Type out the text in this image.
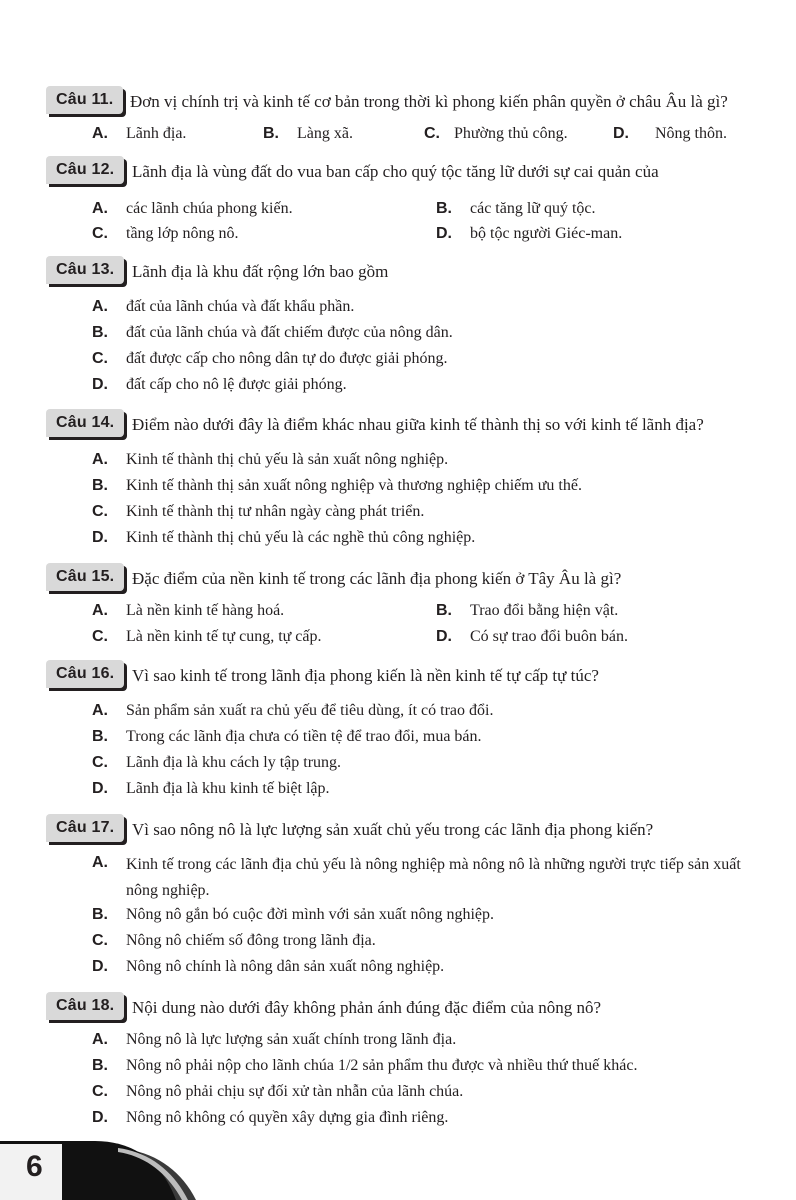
Câu 11. Đơn vị chính trị và kinh tế cơ bản trong thời kì phong kiến phân quyền ở châu Âu là gì?
A. Lãnh địa.	B. Làng xã.	C. Phường thủ công.	D. Nông thôn.
Câu 12.	Lãnh địa là vùng đất do vua ban cấp cho quý tộc tăng lữ dưới sự cai quản của
A. các lãnh chúa phong kiến.	B. các tăng lữ quý tộc.
C. tầng lớp nông nô.	D. bộ tộc người Giéc-man.
Câu 13.	Lãnh địa là khu đất rộng lớn bao gồm
A. đất của lãnh chúa và đất khẩu phần.
B. đất của lãnh chúa và đất chiếm được của nông dân.
C. đất được cấp cho nông dân tự do được giải phóng.
D. đất cấp cho nô lệ được giải phóng.
Câu 14.	Điểm nào dưới đây là điểm khác nhau giữa kinh tế thành thị so với kinh tế lãnh địa?
A. Kinh tế thành thị chủ yếu là sản xuất nông nghiệp.
B. Kinh tế thành thị sản xuất nông nghiệp và thương nghiệp chiếm ưu thế.
C. Kinh tế thành thị tư nhân ngày càng phát triển.
D. Kinh tế thành thị chủ yếu là các nghề thủ công nghiệp.
Câu 15.	Đặc điểm của nền kinh tế trong các lãnh địa phong kiến ở Tây Âu là gì?
A. Là nền kinh tế hàng hoá.	B. Trao đổi bằng hiện vật.
C. Là nền kinh tế tự cung, tự cấp.	D. Có sự trao đổi buôn bán.
Câu 16.	Vì sao kinh tế trong lãnh địa phong kiến là nền kinh tế tự cấp tự túc?
A. Sản phẩm sản xuất ra chủ yếu để tiêu dùng, ít có trao đổi.
B. Trong các lãnh địa chưa có tiền tệ để trao đổi, mua bán.
C. Lãnh địa là khu cách ly tập trung.
D. Lãnh địa là khu kinh tế biệt lập.
Câu 17.	Vì sao nông nô là lực lượng sản xuất chủ yếu trong các lãnh địa phong kiến?
A. Kinh tế trong các lãnh địa chủ yếu là nông nghiệp mà nông nô là những người trực tiếp sản xuất nông nghiệp.
B. Nông nô gắn bó cuộc đời mình với sản xuất nông nghiệp.
C. Nông nô chiếm số đông trong lãnh địa.
D. Nông nô chính là nông dân sản xuất nông nghiệp.
Câu 18.	Nội dung nào dưới đây không phản ánh đúng đặc điểm của nông nô?
A. Nông nô là lực lượng sản xuất chính trong lãnh địa.
B. Nông nô phải nộp cho lãnh chúa 1/2 sản phẩm thu được và nhiều thứ thuế khác.
C. Nông nô phải chịu sự đối xử tàn nhẫn của lãnh chúa.
D. Nông nô không có quyền xây dựng gia đình riêng.
6
